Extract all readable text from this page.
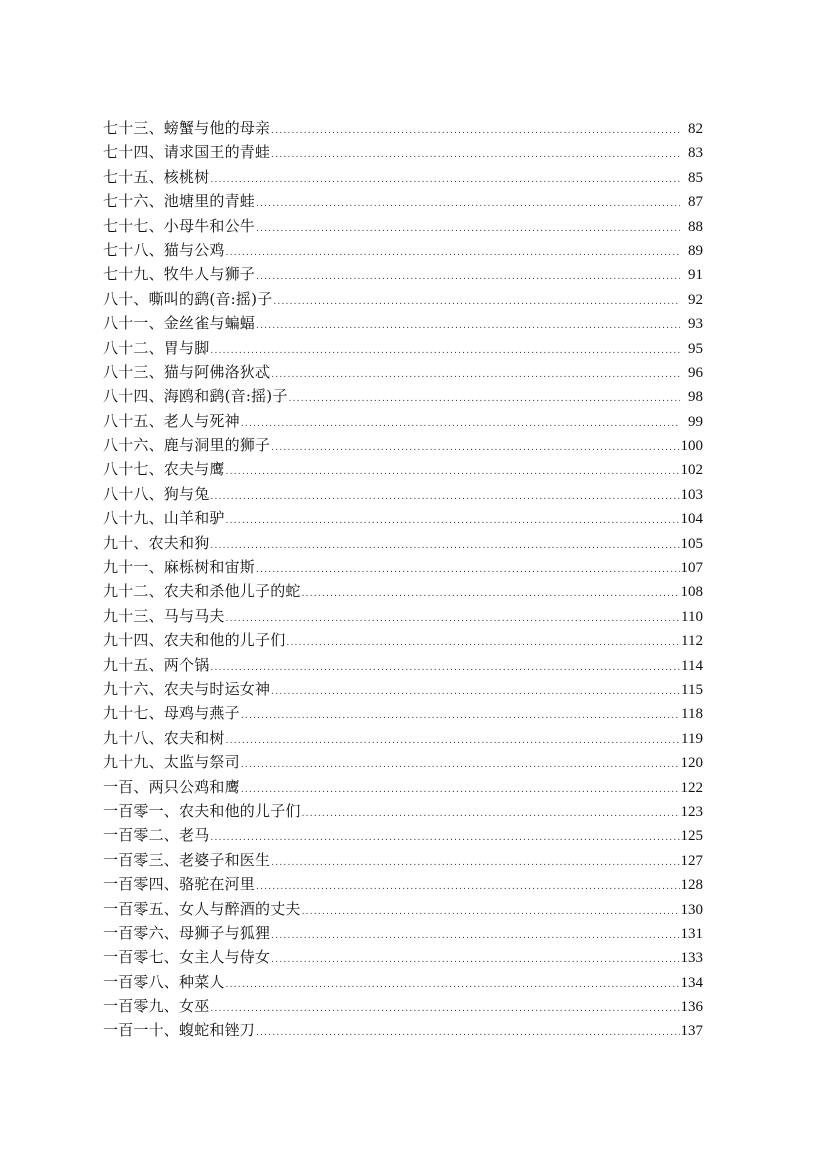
七十三、螃蟹与他的母亲 .....	82
七十四、请求国王的青蛙 .....	83
七十五、核桃树 .....	85
七十六、池塘里的青蛙 .....	87
七十七、小母牛和公牛 .....	88
七十八、猫与公鸡 .....	89
七十九、牧牛人与狮子 .....	91
八十、嘶叫的鹞(音:摇)子 .....	92
八十一、金丝雀与蝙蝠 .....	93
八十二、胃与脚 .....	95
八十三、猫与阿佛洛狄忒 .....	96
八十四、海鸥和鹞(音:摇)子 .....	98
八十五、老人与死神 .....	99
八十六、鹿与洞里的狮子 .....	100
八十七、农夫与鹰 .....	102
八十八、狗与兔 .....	103
八十九、山羊和驴 .....	104
九十、农夫和狗 .....	105
九十一、麻栎树和宙斯 .....	107
九十二、农夫和杀他儿子的蛇 .....	108
九十三、马与马夫 .....	110
九十四、农夫和他的儿子们 .....	112
九十五、两个锅 .....	114
九十六、农夫与时运女神 .....	115
九十七、母鸡与燕子 .....	118
九十八、农夫和树 .....	119
九十九、太监与祭司 .....	120
一百、两只公鸡和鹰 .....	122
一百零一、农夫和他的儿子们 .....	123
一百零二、老马 .....	125
一百零三、老婆子和医生 .....	127
一百零四、骆驼在河里 .....	128
一百零五、女人与醉酒的丈夫 .....	130
一百零六、母狮子与狐狸 .....	131
一百零七、女主人与侍女 .....	133
一百零八、种菜人 .....	134
一百零九、女巫 .....	136
一百一十、蝮蛇和锉刀 .....	137
